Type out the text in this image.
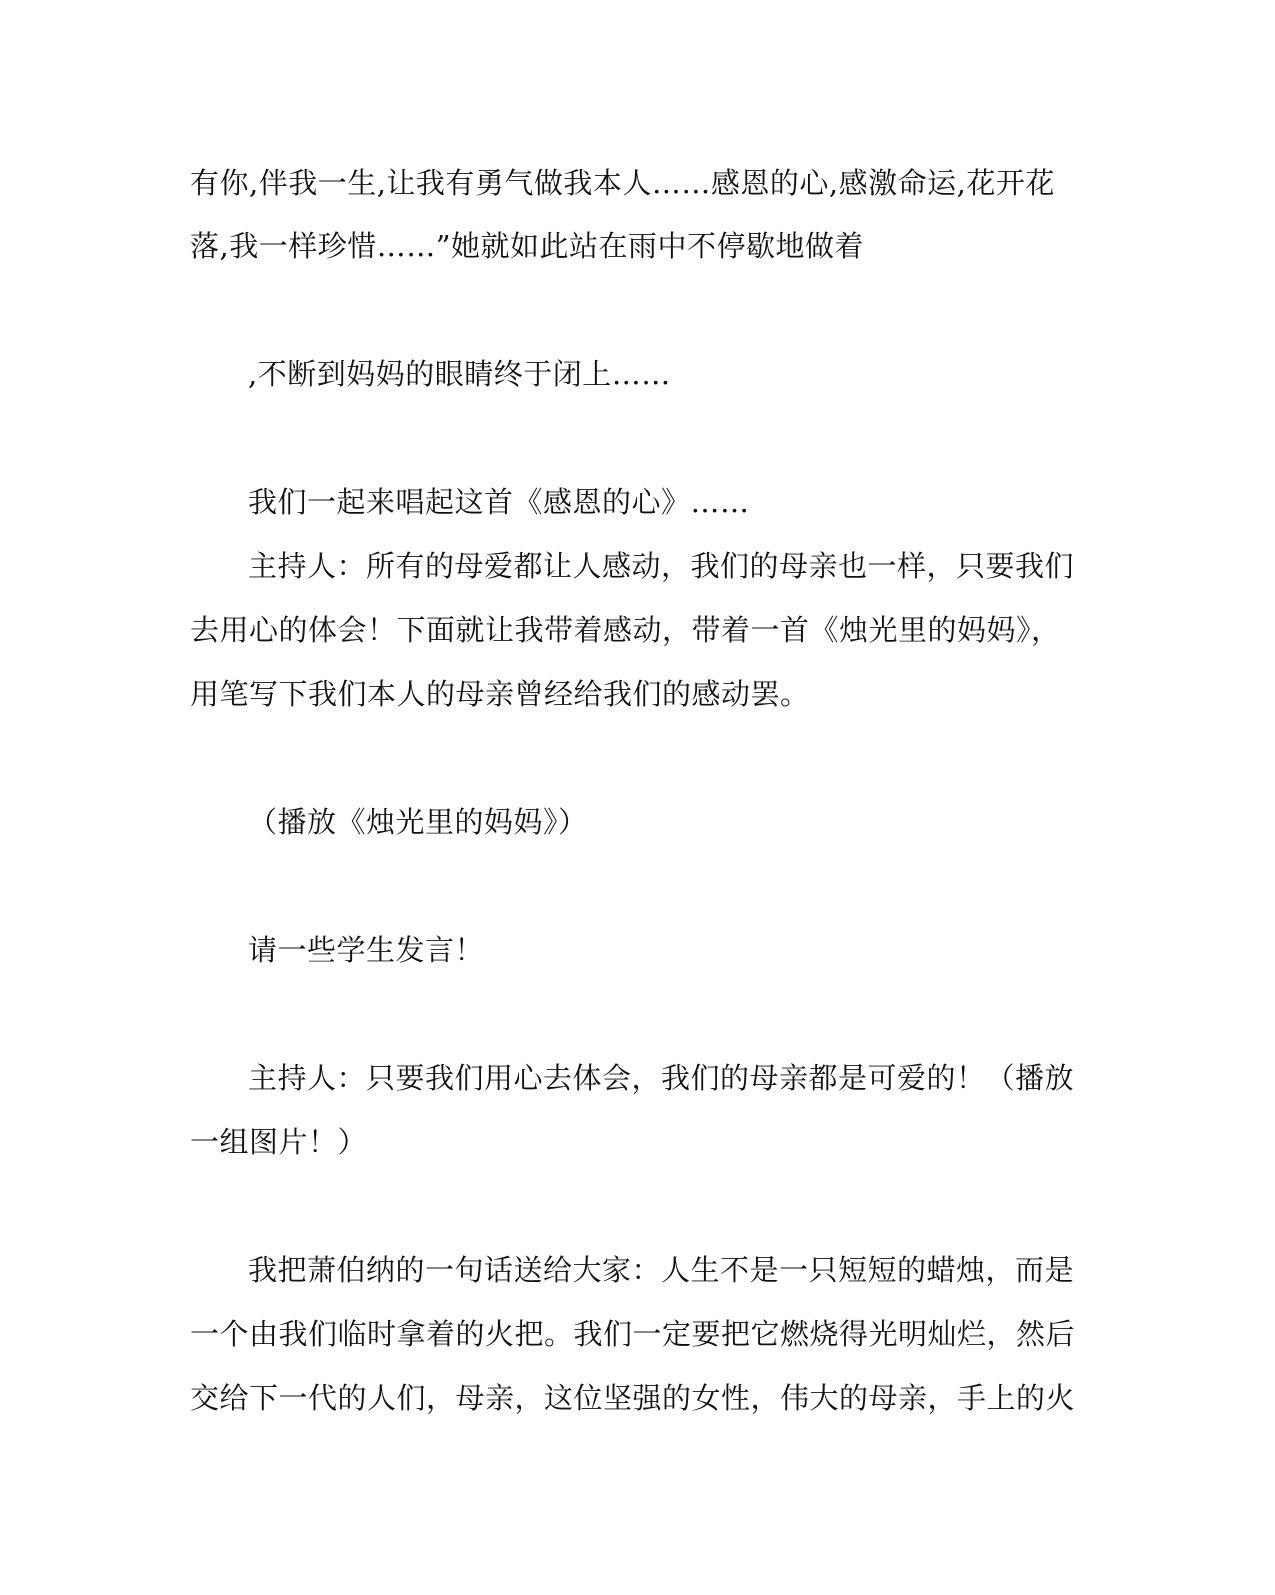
有你,伴我一生,让我有勇气做我本人……感恩的心,感激命运,花开花
落,我一样珍惜……”她就如此站在雨中不停歇地做着
,不断到妈妈的眼睛终于闭上……
我们一起来唱起这首《感恩的心》……
主持人：所有的母爱都让人感动，我们的母亲也一样，只要我们
去用心的体会！下面就让我带着感动，带着一首《烛光里的妈妈》，
用笔写下我们本人的母亲曾经给我们的感动罢。
（播放《烛光里的妈妈》）
请一些学生发言！
主持人：只要我们用心去体会，我们的母亲都是可爱的！（播放
一组图片！）
我把萧伯纳的一句话送给大家：人生不是一只短短的蜡烛，而是
一个由我们临时拿着的火把。我们一定要把它燃烧得光明灿烂，然后
交给下一代的人们，母亲，这位坚强的女性，伟大的母亲，手上的火
